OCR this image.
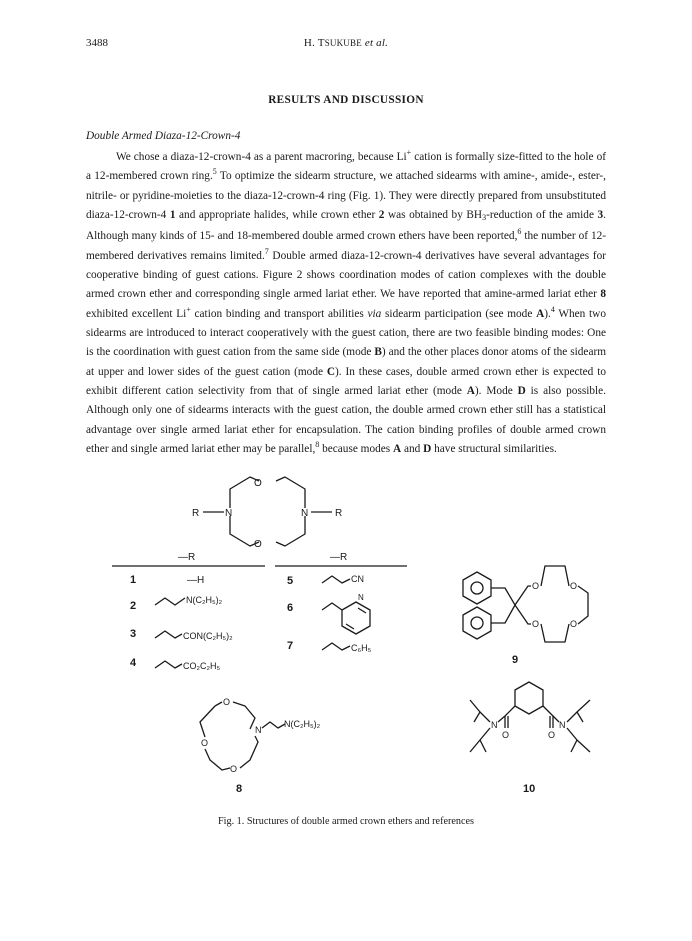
3488	H. TSUKUBE et al.
RESULTS AND DISCUSSION
Double Armed Diaza-12-Crown-4

We chose a diaza-12-crown-4 as a parent macroring, because Li+ cation is formally size-fitted to the hole of a 12-membered crown ring.$^5$ To optimize the sidearm structure, we attached sidearms with amine-, amide-, ester-, nitrile- or pyridine-moieties to the diaza-12-crown-4 ring (Fig. 1). They were directly prepared from unsubstituted diaza-12-crown-4 1 and appropriate halides, while crown ether 2 was obtained by $BH_3$-reduction of the amide 3. Although many kinds of 15- and 18-membered double armed crown ethers have been reported,$^6$ the number of 12-membered derivatives remains limited.$^7$ Double armed diaza-12-crown-4 derivatives have several advantages for cooperative binding of guest cations. Figure 2 shows coordination modes of cation complexes with the double armed crown ether and corresponding single armed lariat ether. We have reported that amine-armed lariat ether 8 exhibited excellent Li+ cation binding and transport abilities via sidearm participation (see mode A).$^4$ When two sidearms are introduced to interact cooperatively with the guest cation, there are two feasible binding modes: One is the coordination with guest cation from the same side (mode B) and the other places donor atoms of the sidearm at upper and lower sides of the guest cation (mode C). In these cases, double armed crown ether is expected to exhibit different cation selectivity from that of single armed lariat ether (mode A). Mode D is also possible. Although only one of sidearms interacts with the guest cation, the double armed crown ether still has a statistical advantage over single armed lariat ether for encapsulation. The cation binding profiles of double armed crown ether and single armed lariat ether may be parallel,$^8$ because modes A and D have structural similarities.

O
O
N	N
R	R
—R	—R
1	—H
2	N(C₂H₅)₂
3	CON(C₂H₅)₂
4	CO₂C₂H₅
5	CN
6
N
7	C₆H₅
O	O
O	O
9
O
O
O
N
N(C₂H₅)₂
8
N	N
O	O
10
Fig. 1. Structures of double armed crown ethers and references
